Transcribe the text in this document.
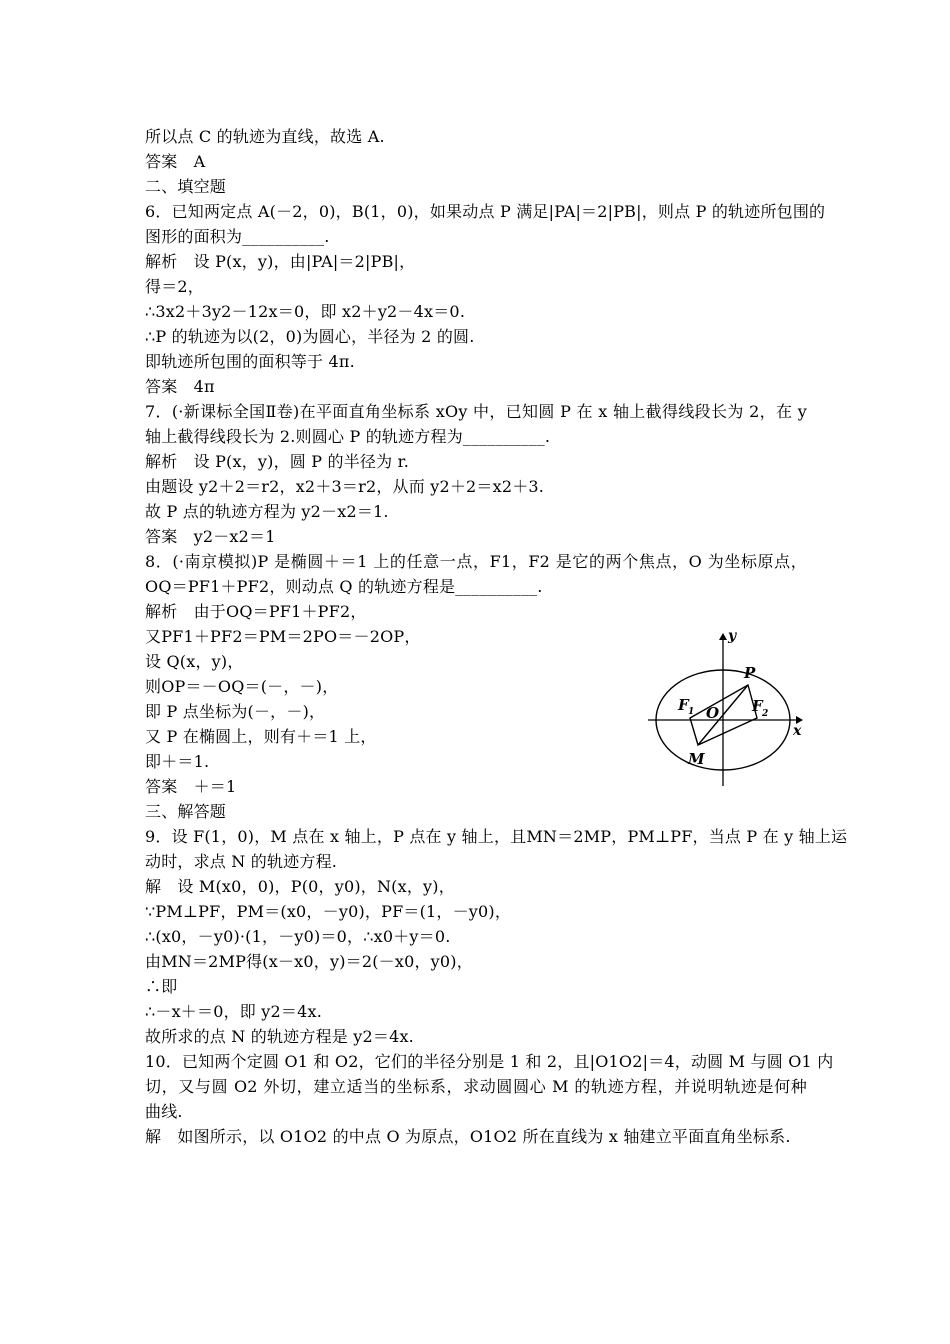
所以点 C 的轨迹为直线，故选 A.
答案　A
二、填空题
6．已知两定点 A(－2，0)，B(1，0)，如果动点 P 满足|PA|＝2|PB|，则点 P 的轨迹所包围的
图形的面积为__________.
解析　设 P(x，y)，由|PA|＝2|PB|，
得＝2，
∴3x2＋3y2－12x＝0，即 x2＋y2－4x＝0.
∴P 的轨迹为以(2，0)为圆心，半径为 2 的圆.
即轨迹所包围的面积等于 4π.
答案　4π
7．(·新课标全国Ⅱ卷)在平面直角坐标系 xOy 中，已知圆 P 在 x 轴上截得线段长为 2，在 y
轴上截得线段长为 2.则圆心 P 的轨迹方程为__________.
解析　设 P(x，y)，圆 P 的半径为 r.
由题设 y2＋2＝r2，x2＋3＝r2，从而 y2＋2＝x2＋3.
故 P 点的轨迹方程为 y2－x2＝1.
答案　y2－x2＝1
8．(·南京模拟)P 是椭圆＋＝1 上的任意一点，F1，F2 是它的两个焦点，O 为坐标原点，
OQ＝PF1＋PF2，则动点 Q 的轨迹方程是__________.
解析　由于OQ＝PF1＋PF2，
又PF1＋PF2＝PM＝2PO＝－2OP，
设 Q(x，y)，
则OP＝－OQ＝(－，－)，
即 P 点坐标为(－，－)，
又 P 在椭圆上，则有＋＝1 上，
即＋＝1.
答案　＋＝1
三、解答题
9．设 F(1，0)，M 点在 x 轴上，P 点在 y 轴上，且MN＝2MP，PM⊥PF，当点 P 在 y 轴上运
动时，求点 N 的轨迹方程.
解　设 M(x0，0)，P(0，y0)，N(x，y)，
∵PM⊥PF，PM＝(x0，－y0)，PF＝(1，－y0)，
∴(x0，－y0)·(1，－y0)＝0，∴x0＋y＝0.
由MN＝2MP得(x－x0，y)＝2(－x0，y0)，
∴即
∴－x＋＝0，即 y2＝4x.
故所求的点 N 的轨迹方程是 y2＝4x.
10．已知两个定圆 O1 和 O2，它们的半径分别是 1 和 2，且|O1O2|＝4，动圆 M 与圆 O1 内
切，又与圆 O2 外切，建立适当的坐标系，求动圆圆心 M 的轨迹方程，并说明轨迹是何种
曲线.
解　如图所示，以 O1O2 的中点 O 为原点，O1O2 所在直线为 x 轴建立平面直角坐标系.
y
x
P
F 1	F 2
O
M
